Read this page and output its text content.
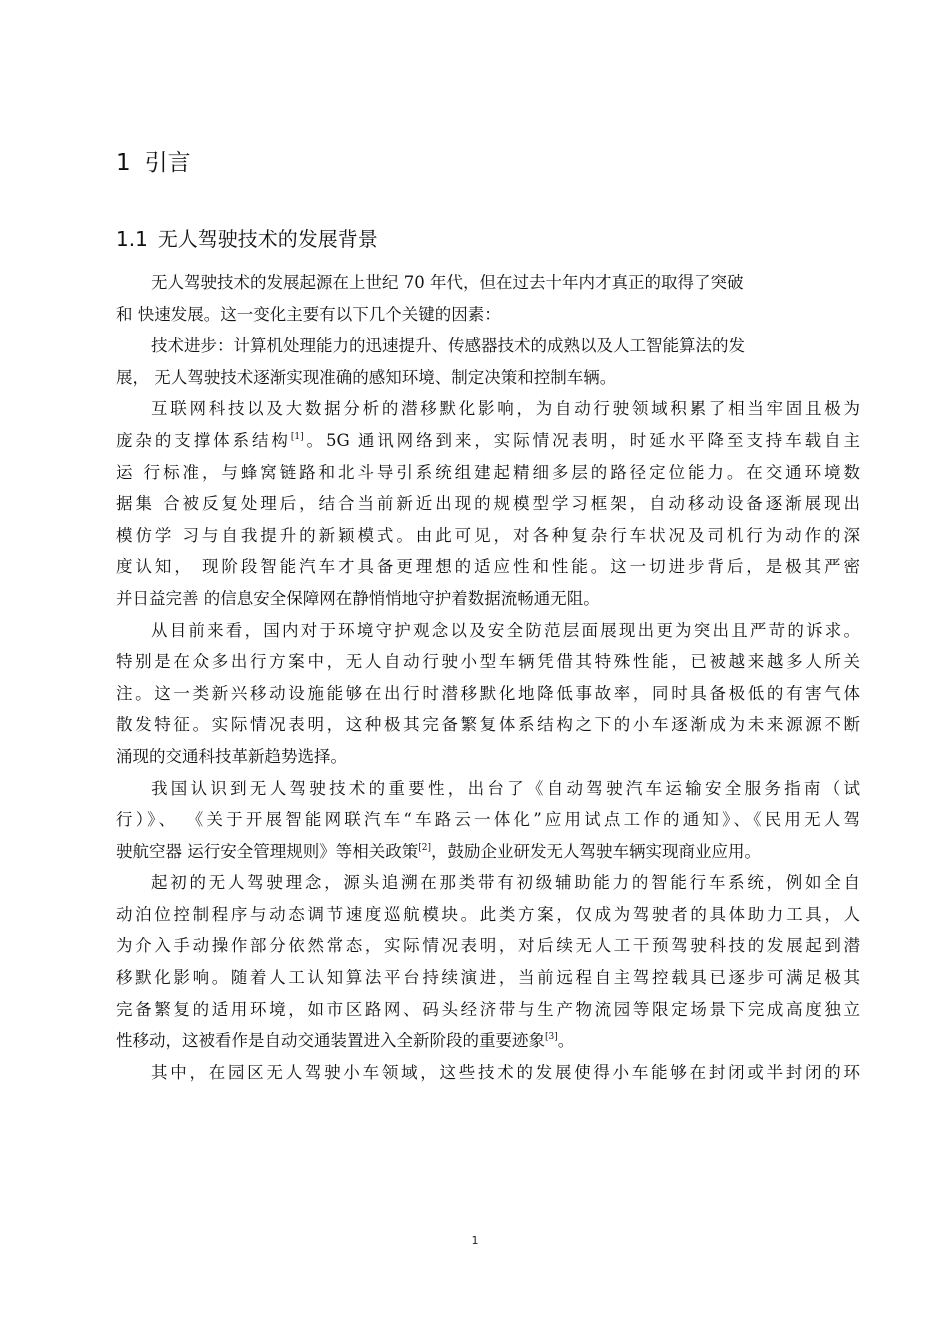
1 引言
1.1 无人驾驶技术的发展背景
无人驾驶技术的发展起源在上世纪 70 年代，但在过去十年内才真正的取得了突破
和 快速发展。这一变化主要有以下几个关键的因素：
技术进步：计算机处理能力的迅速提升、传感器技术的成熟以及人工智能算法的发
展， 无人驾驶技术逐渐实现准确的感知环境、制定决策和控制车辆。
互联网科技以及大数据分析的潜移默化影响，为自动行驶领域积累了相当牢固且极为
庞杂的支撑体系结构[1]。5G 通讯网络到来，实际情况表明，时延水平降至支持车载自主
运 行标准，与蜂窝链路和北斗导引系统组建起精细多层的路径定位能力。在交通环境数
据集 合被反复处理后，结合当前新近出现的规模型学习框架，自动移动设备逐渐展现出
模仿学 习与自我提升的新颖模式。由此可见，对各种复杂行车状况及司机行为动作的深
度认知， 现阶段智能汽车才具备更理想的适应性和性能。这一切进步背后，是极其严密
并日益完善 的信息安全保障网在静悄悄地守护着数据流畅通无阻。
从目前来看，国内对于环境守护观念以及安全防范层面展现出更为突出且严苛的诉求。
特别是在众多出行方案中，无人自动行驶小型车辆凭借其特殊性能，已被越来越多人所关
注。这一类新兴移动设施能够在出行时潜移默化地降低事故率，同时具备极低的有害气体
散发特征。实际情况表明，这种极其完备繁复体系结构之下的小车逐渐成为未来源源不断
涌现的交通科技革新趋势选择。
我国认识到无人驾驶技术的重要性，出台了《自动驾驶汽车运输安全服务指南（试
行）》、 《关于开展智能网联汽车“车路云一体化”应用试点工作的通知》、《民用无人驾
驶航空器 运行安全管理规则》等相关政策[2]，鼓励企业研发无人驾驶车辆实现商业应用。
起初的无人驾驶理念，源头追溯在那类带有初级辅助能力的智能行车系统，例如全自
动泊位控制程序与动态调节速度巡航模块。此类方案，仅成为驾驶者的具体助力工具，人
为介入手动操作部分依然常态，实际情况表明，对后续无人工干预驾驶科技的发展起到潜
移默化影响。随着人工认知算法平台持续演进，当前远程自主驾控载具已逐步可满足极其
完备繁复的适用环境，如市区路网、码头经济带与生产物流园等限定场景下完成高度独立
性移动，这被看作是自动交通装置进入全新阶段的重要迹象[3]。
其中，在园区无人驾驶小车领域，这些技术的发展使得小车能够在封闭或半封闭的环
1
